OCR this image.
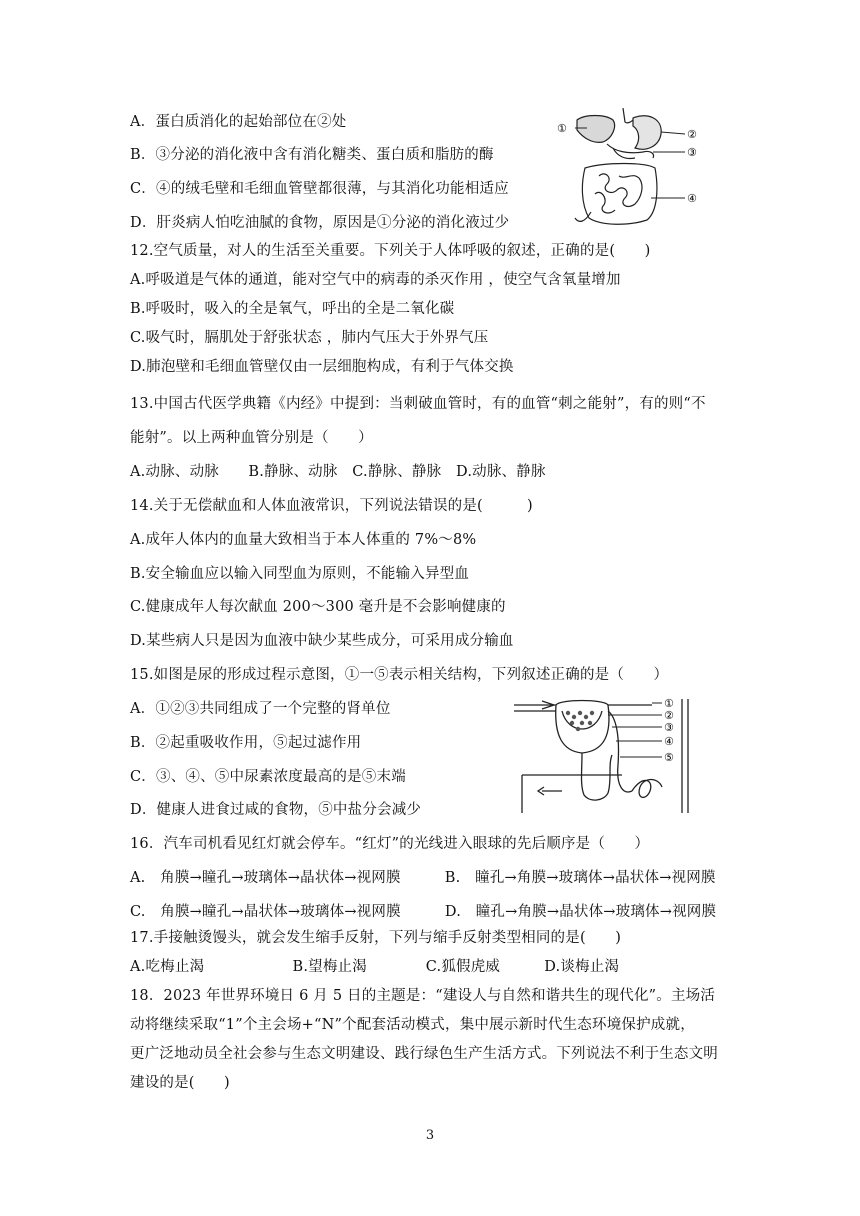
A．蛋白质消化的起始部位在②处
B．③分泌的消化液中含有消化糖类、蛋白质和脂肪的酶
C．④的绒毛壁和毛细血管壁都很薄，与其消化功能相适应
D．肝炎病人怕吃油腻的食物，原因是①分泌的消化液过少
①	②
③
④
12.空气质量，对人的生活至关重要。下列关于人体呼吸的叙述，正确的是(　　)
A.呼吸道是气体的通道，能对空气中的病毒的杀灭作用 ，使空气含氧量增加
B.呼吸时，吸入的全是氧气，呼出的全是二氧化碳
C.吸气时，膈肌处于舒张状态 ，肺内气压大于外界气压
D.肺泡壁和毛细血管壁仅由一层细胞构成，有利于气体交换
13.中国古代医学典籍《内经》中提到：当刺破血管时，有的血管“刺之能射”，有的则“不
能射”。以上两种血管分别是（　　）
A.动脉、动脉　　B.静脉、动脉　C.静脉、静脉　D.动脉、静脉
14.关于无偿献血和人体血液常识，下列说法错误的是(　　　)
A.成年人体内的血量大致相当于本人体重的 7%～8%
B.安全输血应以输入同型血为原则，不能输入异型血
C.健康成年人每次献血 200～300 毫升是不会影响健康的
D.某些病人只是因为血液中缺少某些成分，可采用成分输血
15.如图是尿的形成过程示意图，①一⑤表示相关结构，下列叙述正确的是（　　）
A．①②③共同组成了一个完整的肾单位
B．②起重吸收作用，⑤起过滤作用
C．③、④、⑤中尿素浓度最高的是⑤末端
D．健康人进食过咸的食物，⑤中盐分会减少
①
②
③
④
⑤
16．汽车司机看见红灯就会停车。“红灯”的光线进入眼球的先后顺序是（　　）
A.　角膜→瞳孔→玻璃体→晶状体→视网膜　　　B.　瞳孔→角膜→玻璃体→晶状体→视网膜
C.　角膜→瞳孔→晶状体→玻璃体→视网膜　　　D.　瞳孔→角膜→晶状体→玻璃体→视网膜
17.手接触烫馒头，就会发生缩手反射，下列与缩手反射类型相同的是(　　)
A.吃梅止渴　　　　　　B.望梅止渴　　　　C.狐假虎威　　　D.谈梅止渴
18．2023 年世界环境日 6 月 5 日的主题是：“建设人与自然和谐共生的现代化”。主场活
动将继续采取“1”个主会场+“N”个配套活动模式，集中展示新时代生态环境保护成就，
更广泛地动员全社会参与生态文明建设、践行绿色生产生活方式。下列说法不利于生态文明
建设的是(　　)
3
